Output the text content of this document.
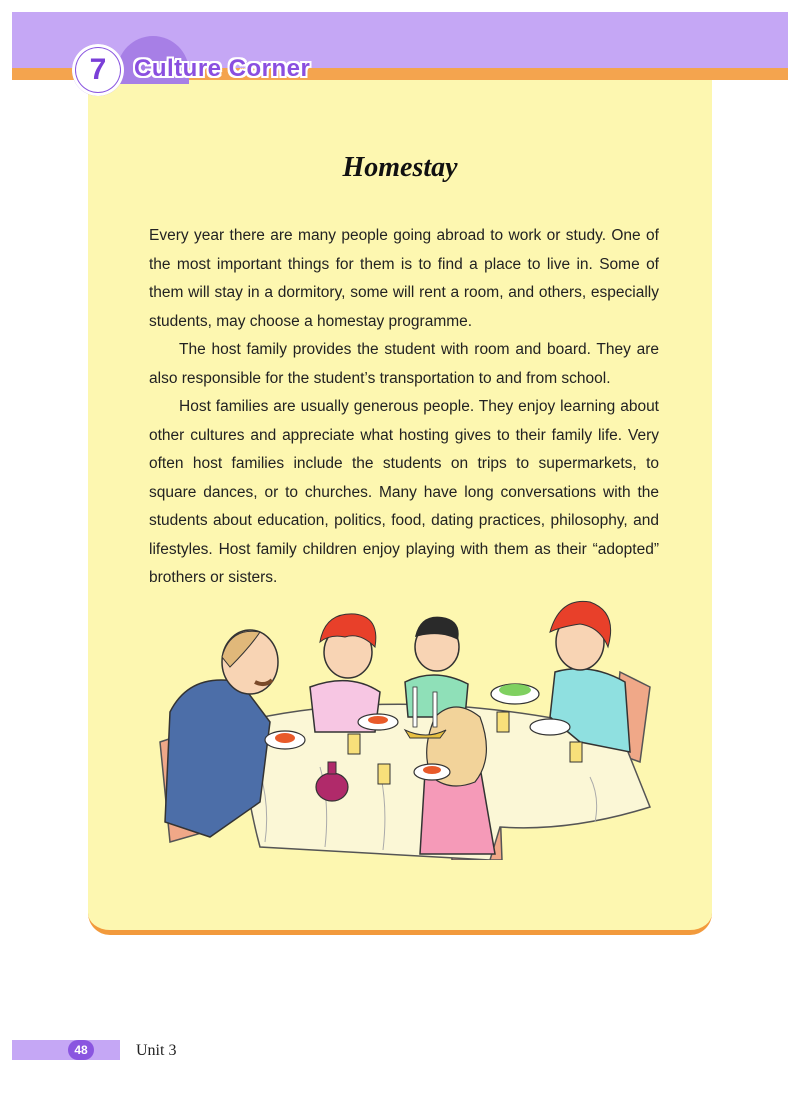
7 Culture Corner
Homestay

Every year there are many people going abroad to work or study. One of the most important things for them is to find a place to live in. Some of them will stay in a dormitory, some will rent a room, and others, especially students, may choose a homestay programme.

The host family provides the student with room and board. They are also responsible for the student’s transportation to and from school.

Host families are usually generous people. They enjoy learning about other cultures and appreciate what hosting gives to their family life. Very often host families include the students on trips to supermarkets, to square dances, or to churches. Many have long conversations with the students about education, politics, food, dating practices, philosophy, and lifestyles. Host family children enjoy playing with them as their “adopted” brothers or sisters.

48	Unit 3
